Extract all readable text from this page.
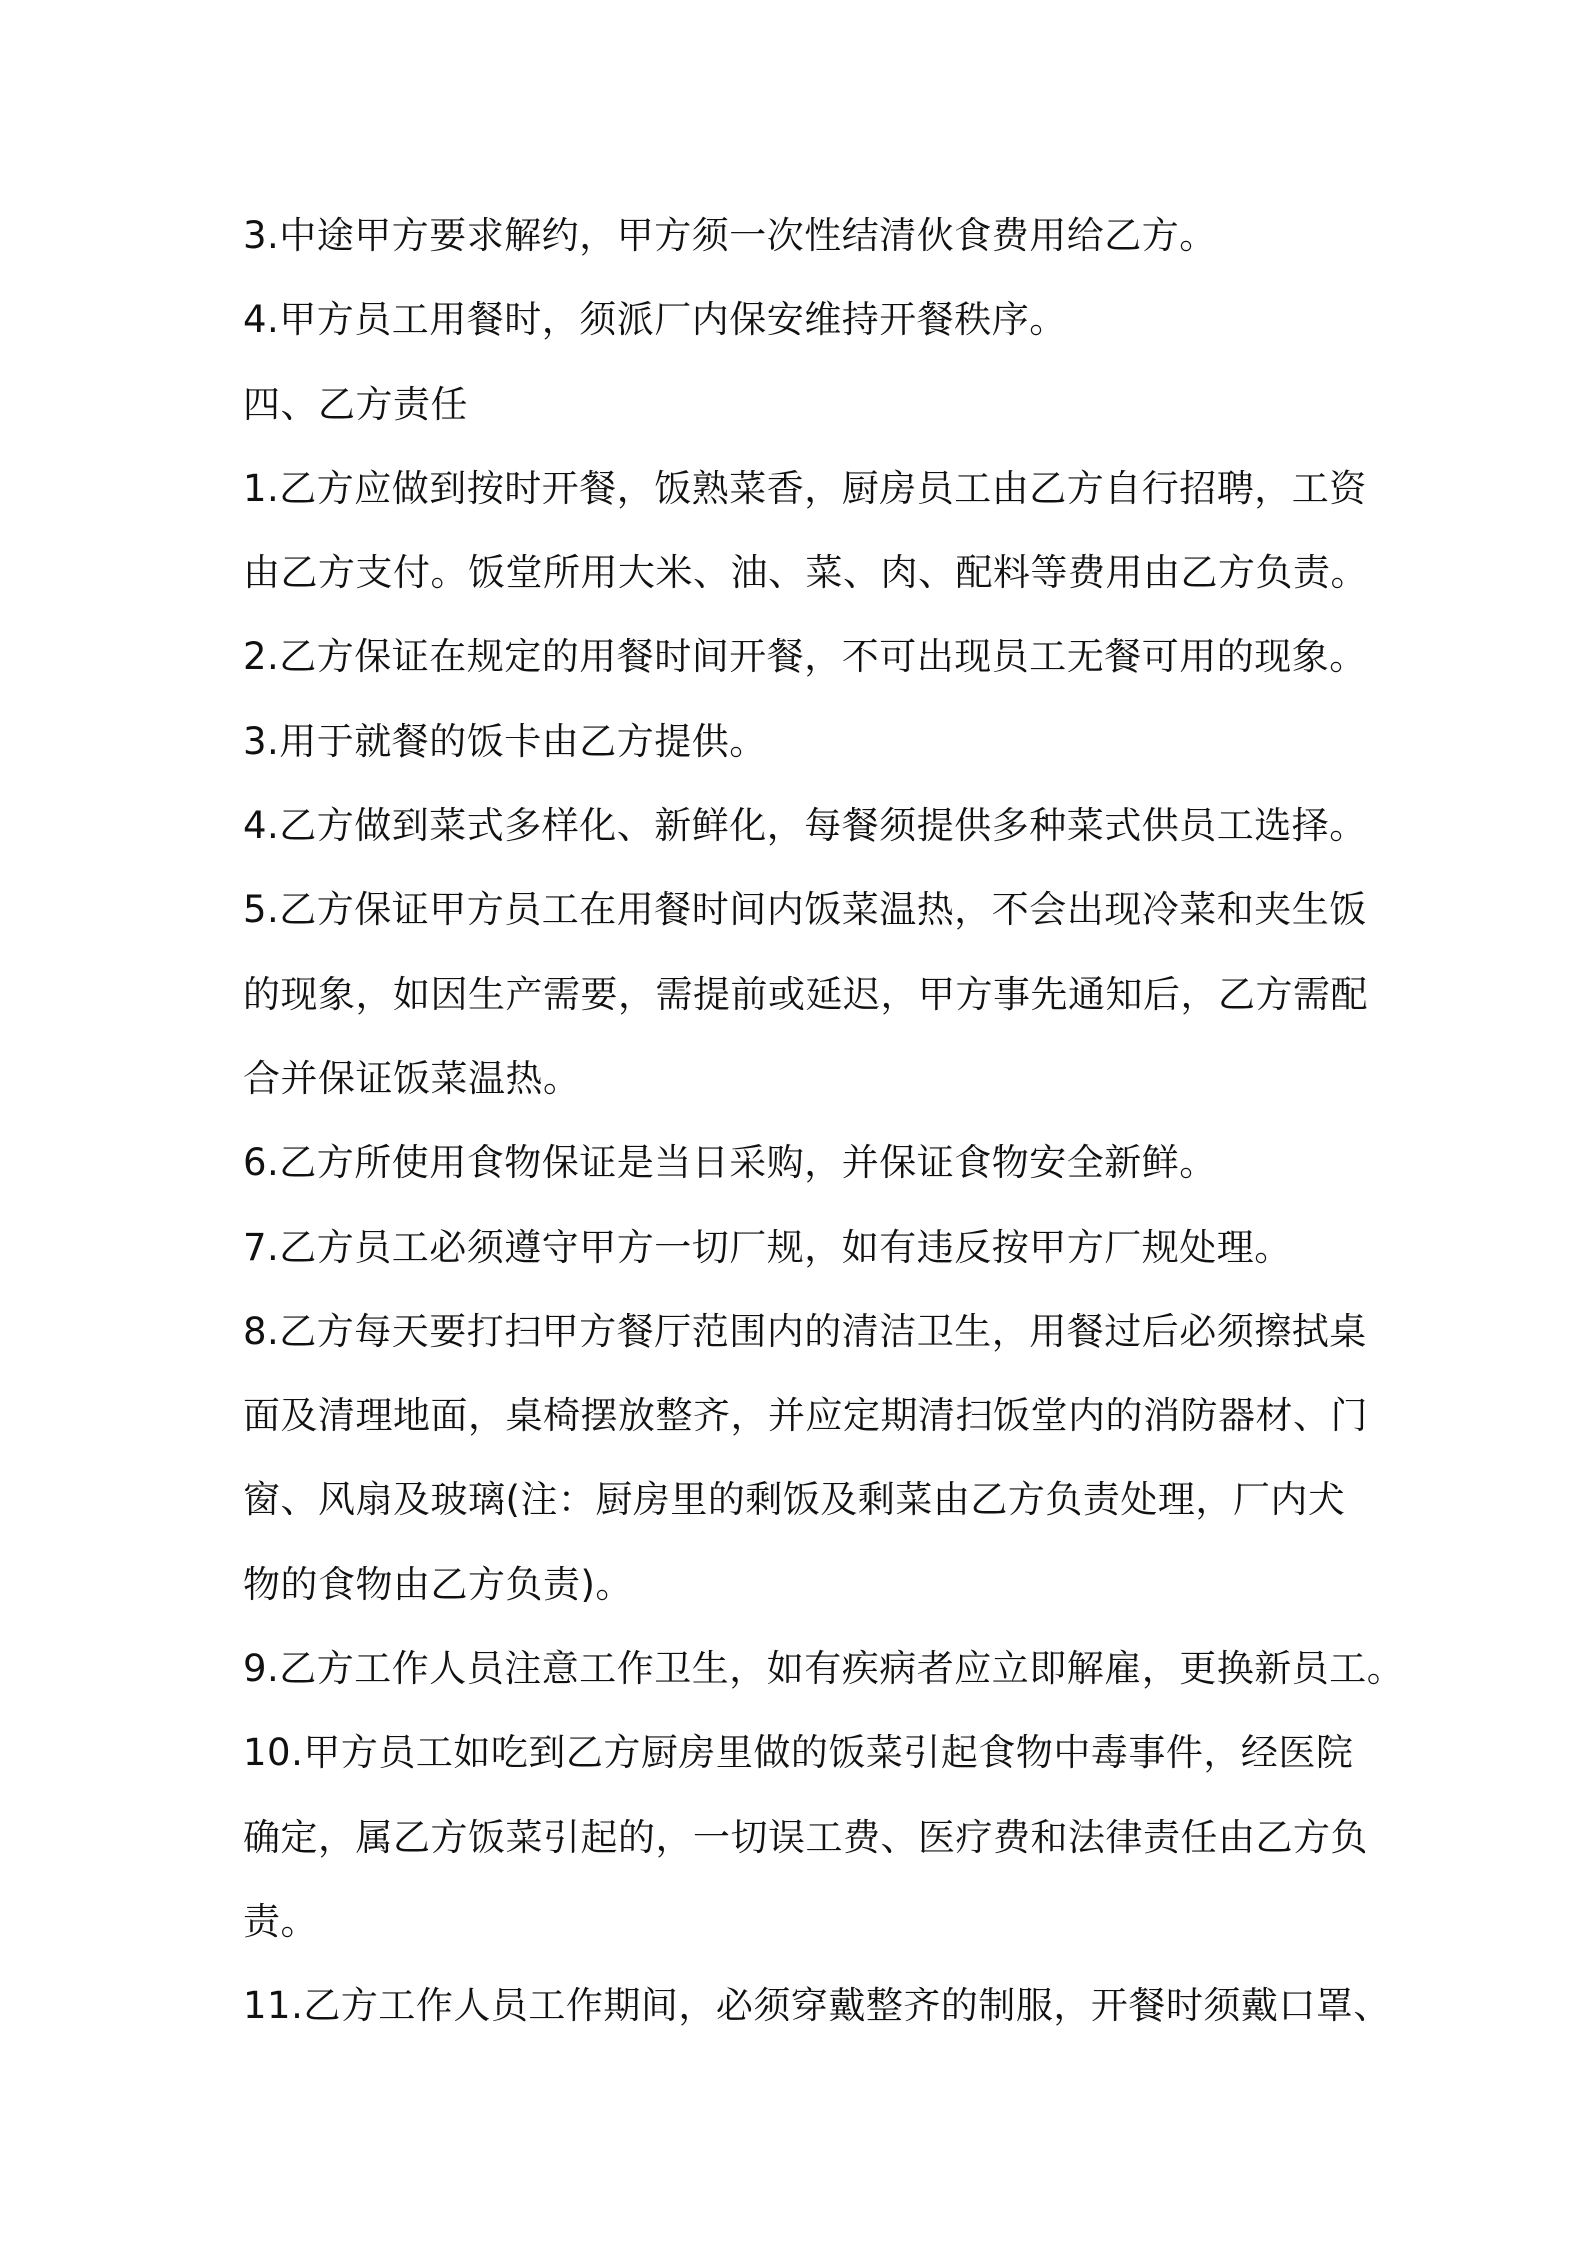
3.中途甲方要求解约，甲方须一次性结清伙食费用给乙方。
4.甲方员工用餐时，须派厂内保安维持开餐秩序。
四、乙方责任
1.乙方应做到按时开餐，饭熟菜香，厨房员工由乙方自行招聘，工资
由乙方支付。饭堂所用大米、油、菜、肉、配料等费用由乙方负责。
2.乙方保证在规定的用餐时间开餐，不可出现员工无餐可用的现象。
3.用于就餐的饭卡由乙方提供。
4.乙方做到菜式多样化、新鲜化，每餐须提供多种菜式供员工选择。
5.乙方保证甲方员工在用餐时间内饭菜温热，不会出现冷菜和夹生饭
的现象，如因生产需要，需提前或延迟，甲方事先通知后，乙方需配
合并保证饭菜温热。
6.乙方所使用食物保证是当日采购，并保证食物安全新鲜。
7.乙方员工必须遵守甲方一切厂规，如有违反按甲方厂规处理。
8.乙方每天要打扫甲方餐厅范围内的清洁卫生，用餐过后必须擦拭桌
面及清理地面，桌椅摆放整齐，并应定期清扫饭堂内的消防器材、门
窗、风扇及玻璃(注：厨房里的剩饭及剩菜由乙方负责处理，厂内犬
物的食物由乙方负责)。
9.乙方工作人员注意工作卫生，如有疾病者应立即解雇，更换新员工。
10.甲方员工如吃到乙方厨房里做的饭菜引起食物中毒事件，经医院
确定，属乙方饭菜引起的，一切误工费、医疗费和法律责任由乙方负
责。
11.乙方工作人员工作期间，必须穿戴整齐的制服，开餐时须戴口罩、
